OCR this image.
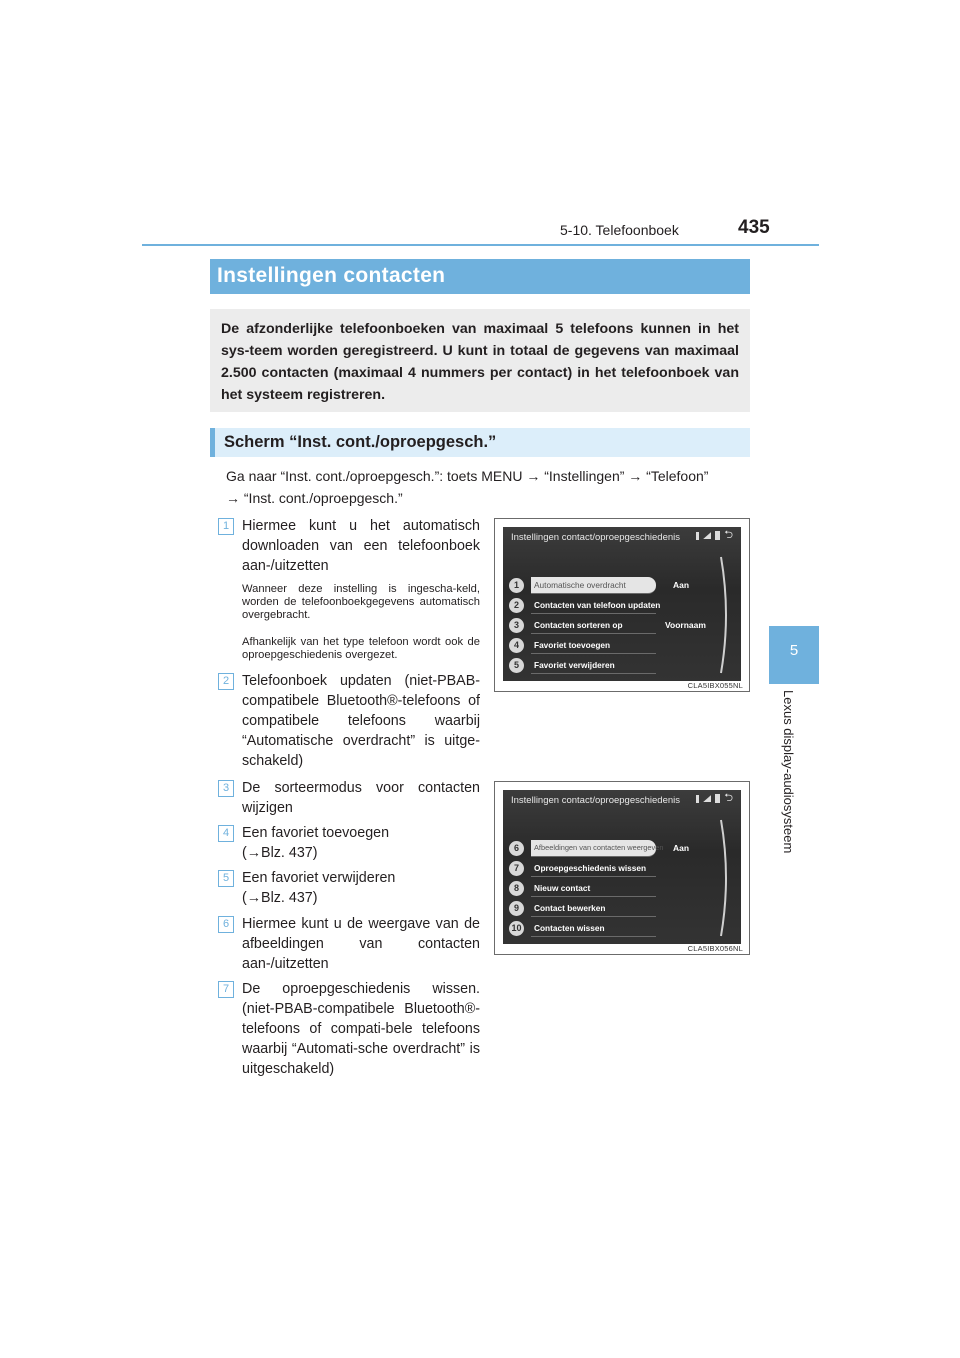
5-10. Telefoonboek	435
5
Lexus display-audiosysteem
Instellingen contacten

De afzonderlijke telefoonboeken van maximaal 5 telefoons kunnen in het sys-teem worden geregistreerd. U kunt in totaal de gegevens van maximaal 2.500 contacten (maximaal 4 nummers per contact) in het telefoonboek van het systeem registreren.

Scherm “Inst. cont./oproepgesch.”
Ga naar “Inst. cont./oproepgesch.”: toets MENU → “Instellingen” → “Telefoon”
→ “Inst. cont./oproepgesch.”
1 Hiermee kunt u het automatisch downloaden van een telefoonboek aan-/uitzetten
Wanneer deze instelling is ingescha-keld, worden de telefoonboekgegevens automatisch overgebracht.
Afhankelijk van het type telefoon wordt ook de oproepgeschiedenis overgezet.
2 Telefoonboek updaten (niet-PBAB-compatibele Bluetooth®-telefoons of compatibele telefoons waarbij “Automatische overdracht” is uitge-schakeld)
3 De sorteermodus voor contacten wijzigen
4 Een favoriet toevoegen (→Blz. 437)
5 Een favoriet verwijderen (→Blz. 437)
6 Hiermee kunt u de weergave van de afbeeldingen van contacten aan-/uitzetten
7 De oproepgeschiedenis wissen. (niet-PBAB-compatibele Bluetooth®-telefoons of compati-bele telefoons waarbij “Automati-sche overdracht” is uitgeschakeld)
Instellingen contact/oproepgeschiedenis	⮌
1	Automatische overdracht	Aan
2	Contacten van telefoon updaten
3	Contacten sorteren op	Voornaam
4	Favoriet toevoegen
5	Favoriet verwijderen
CLA5IBX055NL
Instellingen contact/oproepgeschiedenis	⮌
6	Afbeeldingen van contacten weergeven Aan
7	Oproepgeschiedenis wissen
8	Nieuw contact
9	Contact bewerken
10	Contacten wissen
CLA5IBX056NL
